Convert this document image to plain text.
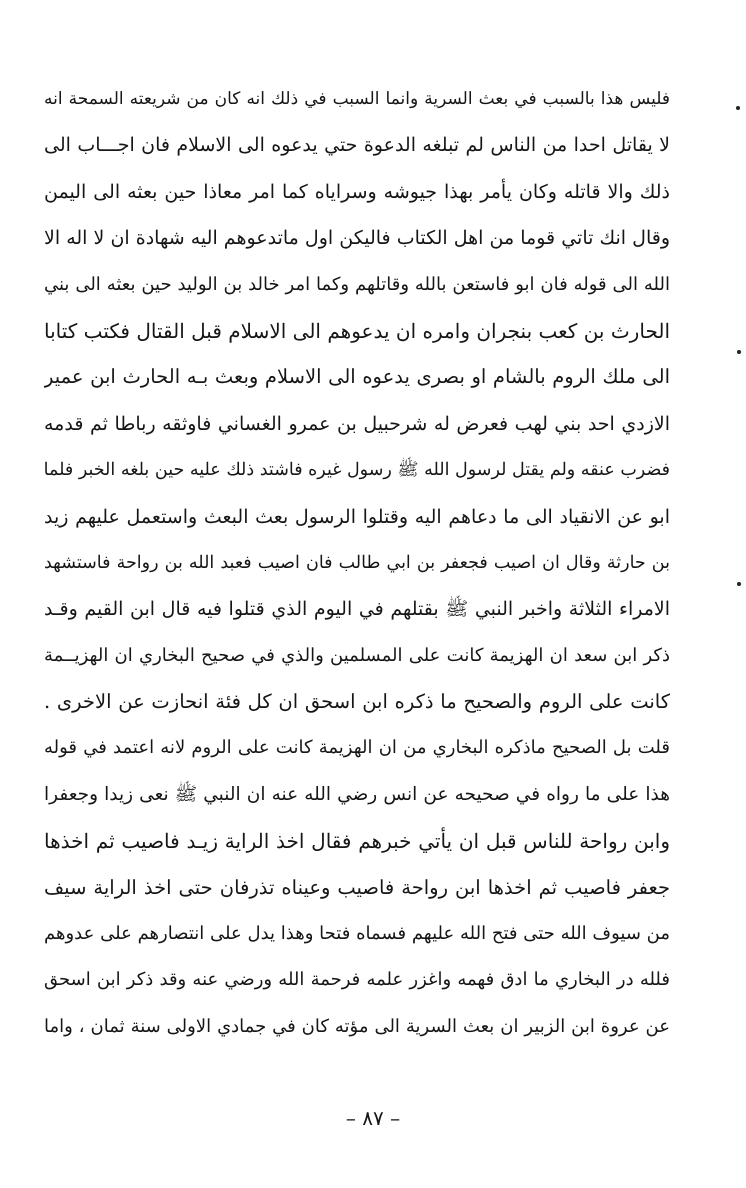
فليس هذا بالسبب في بعث السرية وانما السبب في ذلك انه كان من شريعته السمحة انه
لا يقاتل احدا من الناس لم تبلغه الدعوة حتي يدعوه الى الاسلام فان اجـــاب الى
ذلك والا قاتله وكان يأمر بهذا جيوشه وسراياه كما امر معاذا حين بعثه الى اليمن
وقال انك تاتي قوما من اهل الكتاب فاليكن اول ماتدعوهم اليه شهادة ان لا اله الا
الله الى قوله فان ابو فاستعن بالله وقاتلهم وكما امر خالد بن الوليد حين بعثه الى بني
الحارث بن كعب بنجران وامره ان يدعوهم الى الاسلام قبل القتال فكتب كتابا
الى ملك الروم بالشام او بصرى يدعوه الى الاسلام وبعث بـه الحارث ابن عمير
الازدي احد بني لهب فعرض له شرحبيل بن عمرو الغساني فاوثقه رباطا ثم قدمه
فضرب عنقه ولم يقتل لرسول الله ﷺ رسول غيره فاشتد ذلك عليه حين بلغه الخبر فلما
ابو عن الانقياد الى ما دعاهم اليه وقتلوا الرسول بعث البعث واستعمل عليهم زيد
بن حارثة وقال ان اصيب فجعفر بن ابي طالب فان اصيب فعبد الله بن رواحة فاستشهد
الامراء الثلاثة واخبر النبي ﷺ بقتلهم في اليوم الذي قتلوا فيه قال ابن القيم وقـد
ذكر ابن سعد ان الهزيمة كانت على المسلمين والذي في صحيح البخاري ان الهزيــمة
كانت على الروم والصحيح ما ذكره ابن اسحق ان كل فئة انحازت عن الاخرى .
قلت بل الصحيح ماذكره البخاري من ان الهزيمة كانت على الروم لانه اعتمد في قوله
هذا على ما رواه في صحيحه عن انس رضي الله عنه ان النبي ﷺ نعى زيدا وجعفرا
وابن رواحة للناس قبل ان يأتي خبرهم فقال اخذ الراية زيـد فاصيب ثم اخذها
جعفر فاصيب ثم اخذها ابن رواحة فاصيب وعيناه تذرفان حتى اخذ الراية سيف
من سيوف الله حتى فتح الله عليهم فسماه فتحا وهذا يدل على انتصارهم على عدوهم
فلله در البخاري ما ادق فهمه واغزر علمه فرحمة الله ورضي عنه وقد ذكر ابن اسحق
عن عروة ابن الزبير ان بعث السرية الى مؤته كان في جمادي الاولى سنة ثمان ، واما
– ٨٧ –
